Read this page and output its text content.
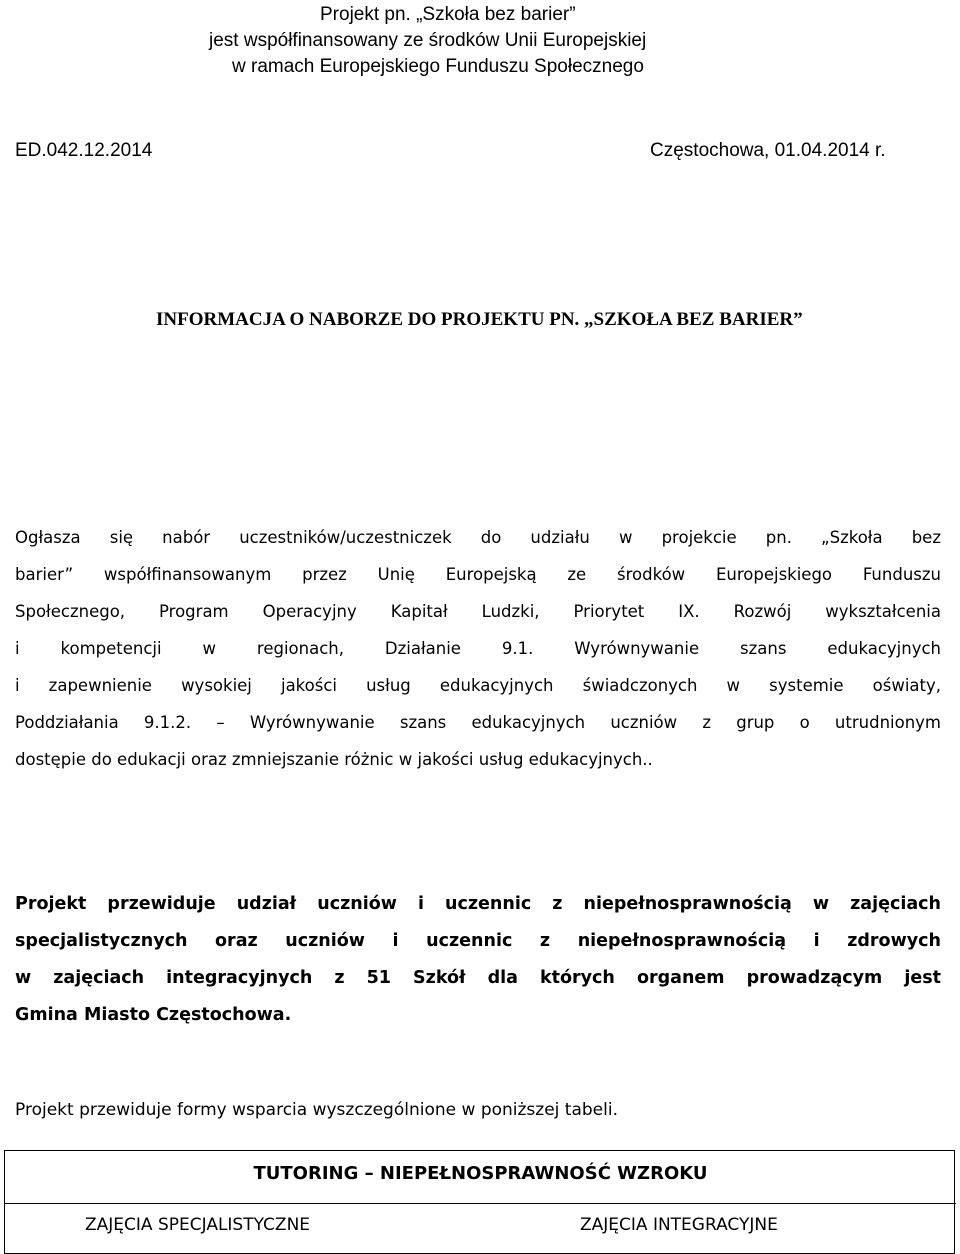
Projekt pn. „Szkoła bez barier”
jest współfinansowany ze środków Unii Europejskiej
w ramach Europejskiego Funduszu Społecznego
ED.042.12.2014	Częstochowa, 01.04.2014 r.
INFORMACJA O NABORZE DO PROJEKTU PN. „SZKOŁA BEZ BARIER”
Ogłasza się nabór uczestników/uczestniczek do udziału w projekcie pn. „Szkoła bez
barier” współfinansowanym przez Unię Europejską ze środków Europejskiego Funduszu
Społecznego, Program Operacyjny Kapitał Ludzki, Priorytet IX. Rozwój wykształcenia
i kompetencji w regionach, Działanie 9.1. Wyrównywanie szans edukacyjnych
i zapewnienie wysokiej jakości usług edukacyjnych świadczonych w systemie oświaty,
Poddziałania 9.1.2. – Wyrównywanie szans edukacyjnych uczniów z grup o utrudnionym
dostępie do edukacji oraz zmniejszanie różnic w jakości usług edukacyjnych..
Projekt przewiduje udział uczniów i uczennic z niepełnosprawnością w zajęciach
specjalistycznych oraz uczniów i uczennic z niepełnosprawnością i zdrowych
w zajęciach integracyjnych z 51 Szkół dla których organem prowadzącym jest
Gmina Miasto Częstochowa.
Projekt przewiduje formy wsparcia wyszczególnione w poniższej tabeli.
TUTORING – NIEPEŁNOSPRAWNOŚĆ WZROKU
ZAJĘCIA SPECJALISTYCZNE	ZAJĘCIA INTEGRACYJNE
